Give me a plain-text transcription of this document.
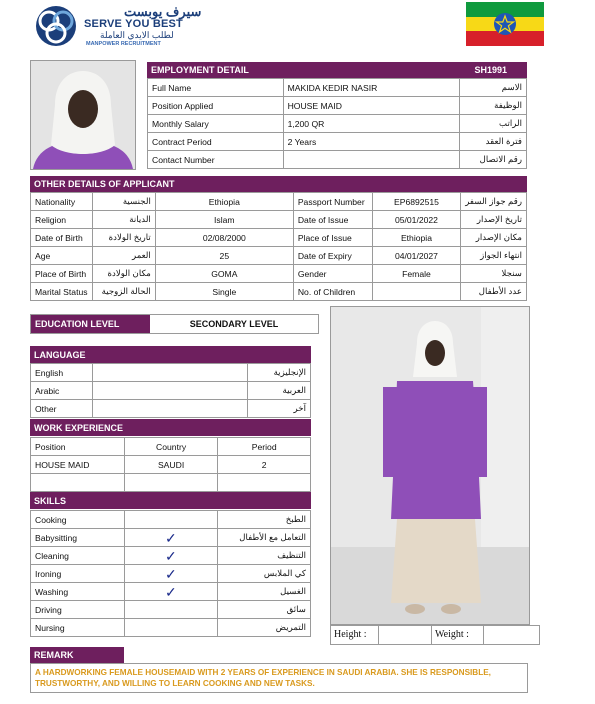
سيرف يوبست
SERVE YOU BEST
لطلب الايدي العاملة
MANPOWER RECRUITMENT
EMPLOYMENT DETAIL	SH1991
Full Name	MAKIDA KEDIR NASIR	الاسم
Position Applied	HOUSE MAID	الوظيفة
Monthly Salary	1,200 QR	الراتب
Contract Period	2 Years	فترة العقد
Contact Number		رقم الاتصال
OTHER DETAILS OF APPLICANT
Nationality	الجنسية	Ethiopia	Passport Number	EP6892515	رقم جواز السفر
Religion	الديانة	Islam	Date of Issue	05/01/2022	تاريخ الإصدار
Date of Birth	تاريخ الولادة	02/08/2000	Place of Issue	Ethiopia	مكان الإصدار
Age	العمر	25	Date of Expiry	04/01/2027	انتهاء الجواز
Place of Birth	مكان الولادة	GOMA	Gender	Female	سنجلا
Marital Status	الحالة الزوجية	Single	No. of Children		عدد الأطفال
EDUCATION LEVEL	SECONDARY LEVEL
LANGUAGE
English		الإنجليزية
Arabic		العربية
Other		آخر
WORK EXPERIENCE
Position	Country	Period
HOUSE MAID	SAUDI	2

SKILLS
Cooking		الطبخ
Babysitting	✓	التعامل مع الأطفال
Cleaning	✓	التنظيف
Ironing	✓	كي الملابس
Washing	✓	الغسيل
Driving		سائق
Nursing		التمريض
Height :	Weight :
REMARK
A HARDWORKING FEMALE HOUSEMAID WITH 2 YEARS OF EXPERIENCE IN SAUDI ARABIA. SHE IS RESPONSIBLE, TRUSTWORTHY, AND WILLING TO LEARN COOKING AND NEW TASKS.
